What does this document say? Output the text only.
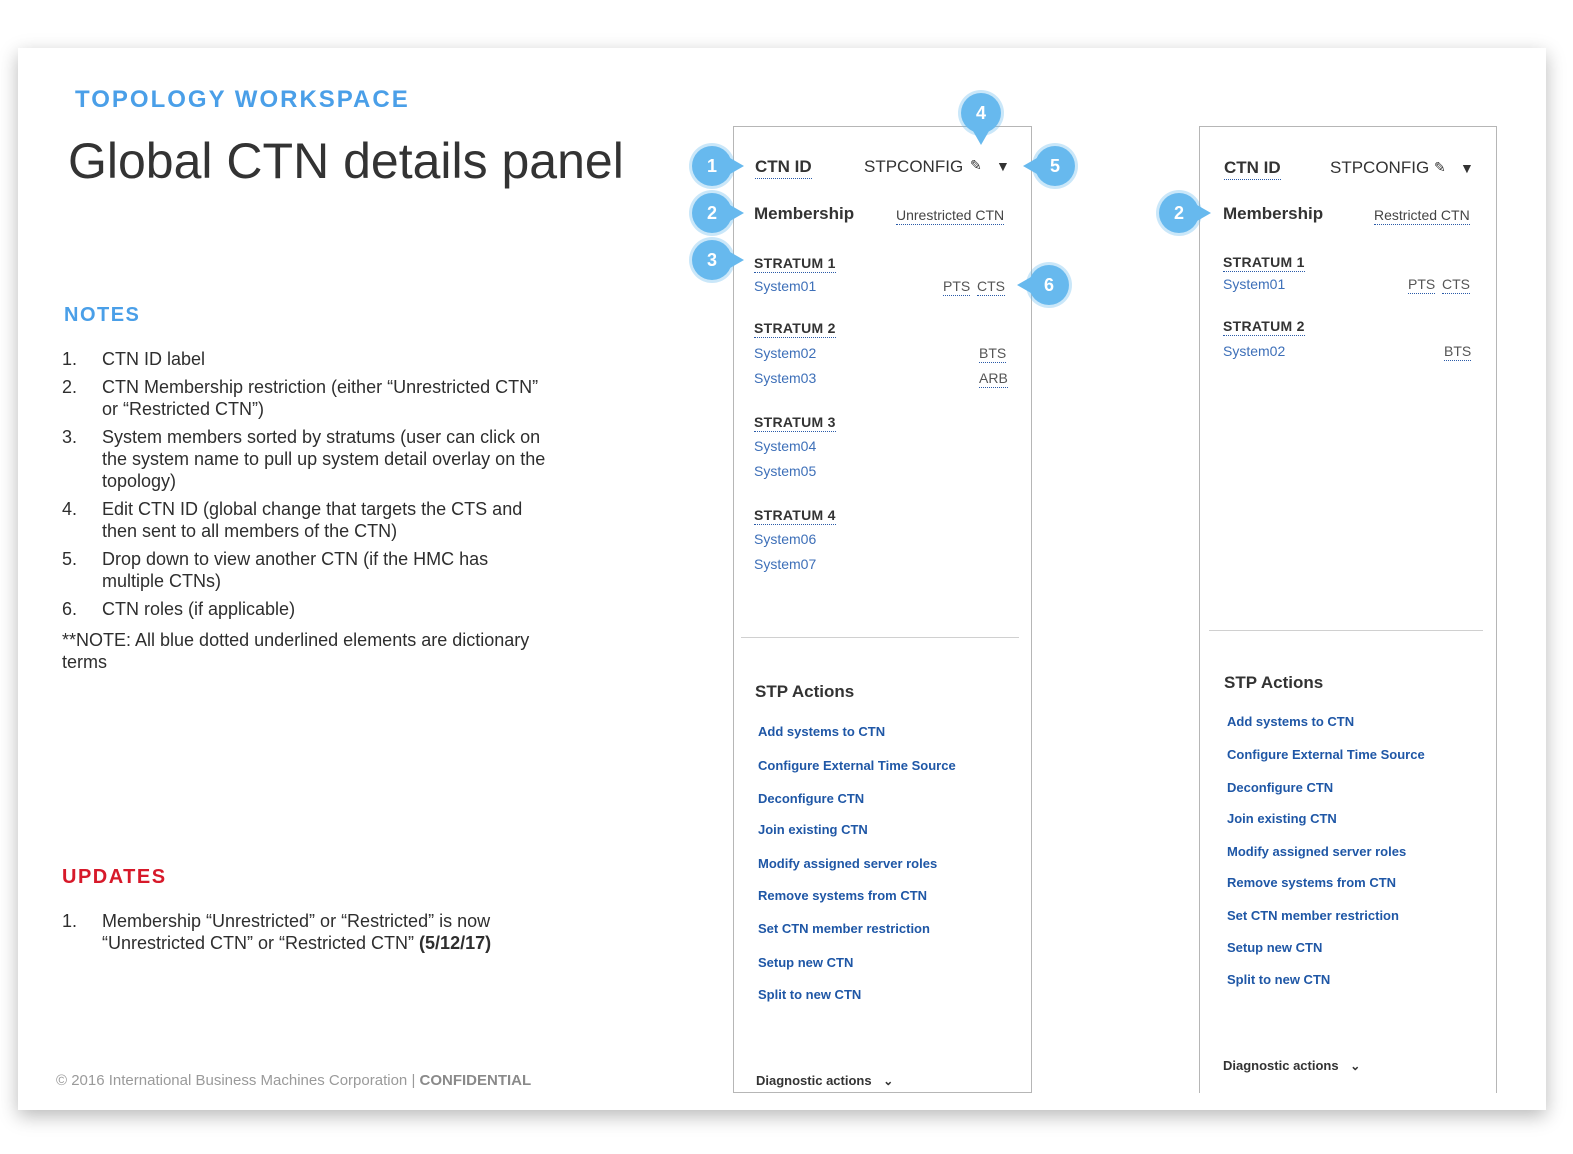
TOPOLOGY WORKSPACE
Global CTN details panel
NOTES
1.	CTN ID label
2.	CTN Membership restriction (either “Unrestricted CTN” or “Restricted CTN”)
3.	System members sorted by stratums (user can click on the system name to pull up system detail overlay on the topology)
4.	Edit CTN ID (global change that targets the CTS and then sent to all members of the CTN)
5.	Drop down to view another CTN (if the HMC has multiple CTNs)
6.	CTN roles (if applicable)
**NOTE: All blue dotted underlined elements are dictionary terms
UPDATES
1.	Membership “Unrestricted” or “Restricted” is now “Unrestricted CTN” or “Restricted CTN” (5/12/17)
© 2016 International Business Machines Corporation | CONFIDENTIAL
CTN ID	STPCONFIG ✎ ▼
Membership	Unrestricted CTN
STRATUM 1
System01	PTS CTS
STRATUM 2
System02	BTS
System03	ARB
STRATUM 3
System04
System05
STRATUM 4
System06
System07
STP Actions
Add systems to CTN
Configure External Time Source
Deconfigure CTN
Join existing CTN
Modify assigned server roles
Remove systems from CTN
Set CTN member restriction
Setup new CTN
Split to new CTN
Diagnostic actions ⌄
1
2
3
4
5
6
CTN ID	STPCONFIG ✎ ▼
Membership	Restricted CTN
STRATUM 1
System01	PTS CTS
STRATUM 2
System02	BTS
STP Actions
Add systems to CTN
Configure External Time Source
Deconfigure CTN
Join existing CTN
Modify assigned server roles
Remove systems from CTN
Set CTN member restriction
Setup new CTN
Split to new CTN
Diagnostic actions ⌄
2
